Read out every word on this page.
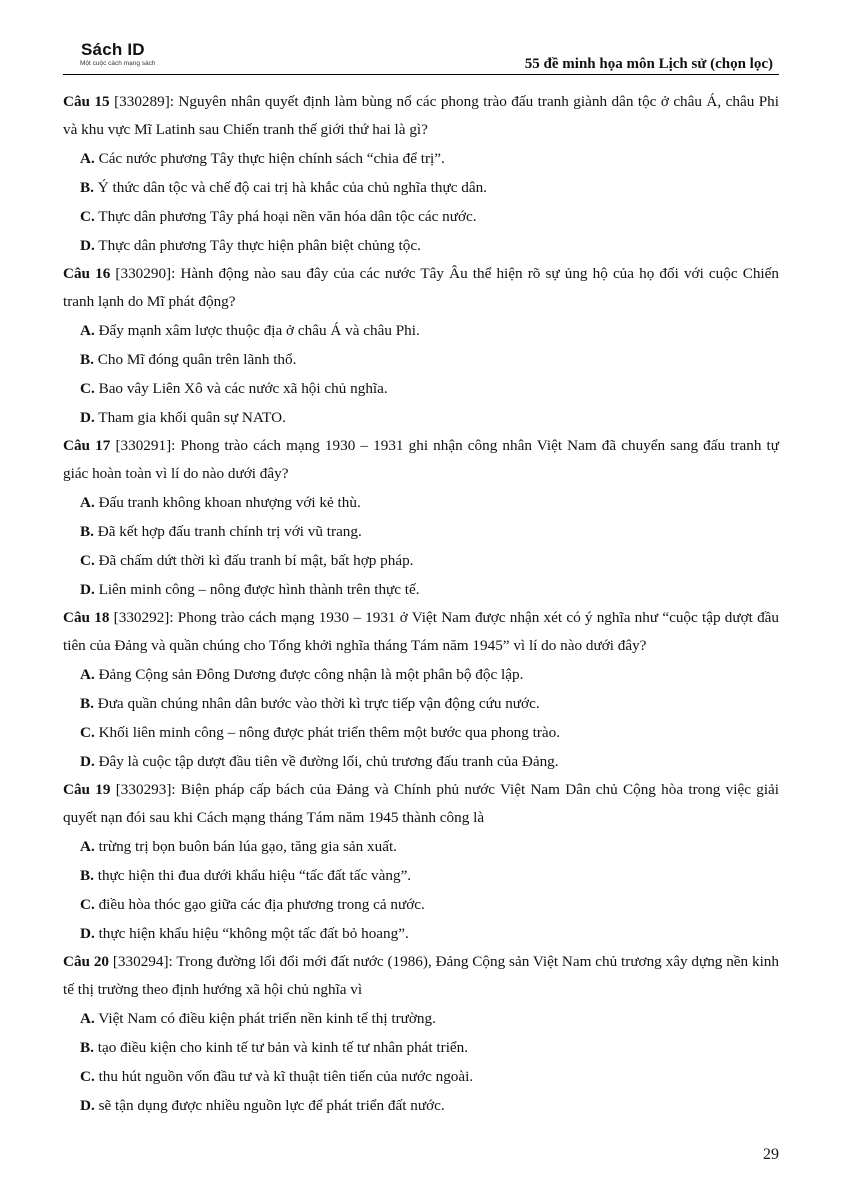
Sách ID
Một cuộc cách mạng sách	55 đề minh họa môn Lịch sử (chọn lọc)

Câu 15 [330289]: Nguyên nhân quyết định làm bùng nổ các phong trào đấu tranh giành dân tộc ở châu Á, châu Phi và khu vực Mĩ Latinh sau Chiến tranh thế giới thứ hai là gì?

A. Các nước phương Tây thực hiện chính sách “chia để trị”.

B. Ý thức dân tộc và chế độ cai trị hà khắc của chủ nghĩa thực dân.

C. Thực dân phương Tây phá hoại nền văn hóa dân tộc các nước.

D. Thực dân phương Tây thực hiện phân biệt chủng tộc.

Câu 16 [330290]: Hành động nào sau đây của các nước Tây Âu thể hiện rõ sự ủng hộ của họ đối với cuộc Chiến tranh lạnh do Mĩ phát động?

A. Đẩy mạnh xâm lược thuộc địa ở châu Á và châu Phi.

B. Cho Mĩ đóng quân trên lãnh thổ.

C. Bao vây Liên Xô và các nước xã hội chủ nghĩa.

D. Tham gia khối quân sự NATO.

Câu 17 [330291]: Phong trào cách mạng 1930 – 1931 ghi nhận công nhân Việt Nam đã chuyển sang đấu tranh tự giác hoàn toàn vì lí do nào dưới đây?

A. Đấu tranh không khoan nhượng với kẻ thù.

B. Đã kết hợp đấu tranh chính trị với vũ trang.

C. Đã chấm dứt thời kì đấu tranh bí mật, bất hợp pháp.

D. Liên minh công – nông được hình thành trên thực tế.

Câu 18 [330292]: Phong trào cách mạng 1930 – 1931 ở Việt Nam được nhận xét có ý nghĩa như “cuộc tập dượt đầu tiên của Đảng và quần chúng cho Tổng khởi nghĩa tháng Tám năm 1945” vì lí do nào dưới đây?

A. Đảng Cộng sản Đông Dương được công nhận là một phân bộ độc lập.

B. Đưa quần chúng nhân dân bước vào thời kì trực tiếp vận động cứu nước.

C. Khối liên minh công – nông được phát triển thêm một bước qua phong trào.

D. Đây là cuộc tập dượt đầu tiên về đường lối, chủ trương đấu tranh của Đảng.

Câu 19 [330293]: Biện pháp cấp bách của Đảng và Chính phủ nước Việt Nam Dân chủ Cộng hòa trong việc giải quyết nạn đói sau khi Cách mạng tháng Tám năm 1945 thành công là

A. trừng trị bọn buôn bán lúa gạo, tăng gia sản xuất.

B. thực hiện thi đua dưới khẩu hiệu “tấc đất tấc vàng”.

C. điều hòa thóc gạo giữa các địa phương trong cả nước.

D. thực hiện khẩu hiệu “không một tấc đất bỏ hoang”.

Câu 20 [330294]: Trong đường lối đổi mới đất nước (1986), Đảng Cộng sản Việt Nam chủ trương xây dựng nền kinh tế thị trường theo định hướng xã hội chủ nghĩa vì

A. Việt Nam có điều kiện phát triển nền kinh tế thị trường.

B. tạo điều kiện cho kinh tế tư bản và kinh tế tư nhân phát triển.

C. thu hút nguồn vốn đầu tư và kĩ thuật tiên tiến của nước ngoài.

D. sẽ tận dụng được nhiều nguồn lực để phát triển đất nước.

29
